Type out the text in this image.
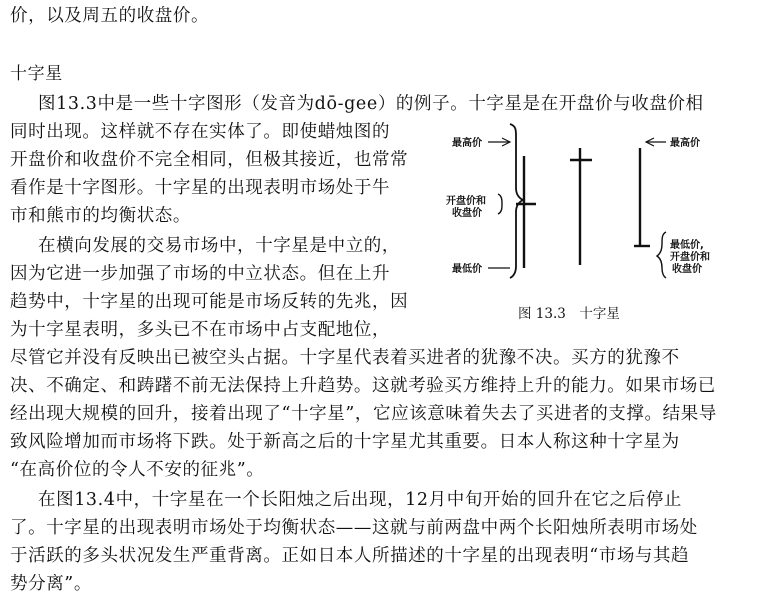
价，以及周五的收盘价。
十字星
图13.3中是一些十字图形（发音为dō-gee）的例子。十字星是在开盘价与收盘价相
同时出现。这样就不存在实体了。即使蜡烛图的
开盘价和收盘价不完全相同，但极其接近，也常常
看作是十字图形。十字星的出现表明市场处于牛
市和熊市的均衡状态。
在横向发展的交易市场中，十字星是中立的，
因为它进一步加强了市场的中立状态。但在上升
趋势中，十字星的出现可能是市场反转的先兆，因
为十字星表明，多头已不在市场中占支配地位，
尽管它并没有反映出已被空头占据。十字星代表着买进者的犹豫不决。买方的犹豫不
决、不确定、和踌躇不前无法保持上升趋势。这就考验买方维持上升的能力。如果市场已
经出现大规模的回升，接着出现了“十字星”，它应该意味着失去了买进者的支撑。结果导
致风险增加而市场将下跌。处于新高之后的十字星尤其重要。日本人称这种十字星为
“在高价位的令人不安的征兆”。
在图13.4中，十字星在一个长阳烛之后出现，12月中旬开始的回升在它之后停止
了。十字星的出现表明市场处于均衡状态——这就与前两盘中两个长阳烛所表明市场处
于活跃的多头状况发生严重背离。正如日本人所描述的十字星的出现表明“市场与其趋
势分离”。
最高价
开盘价和
收盘价
最低价
最高价
最低价,
开盘价和
收盘价
图 13.3　十字星
